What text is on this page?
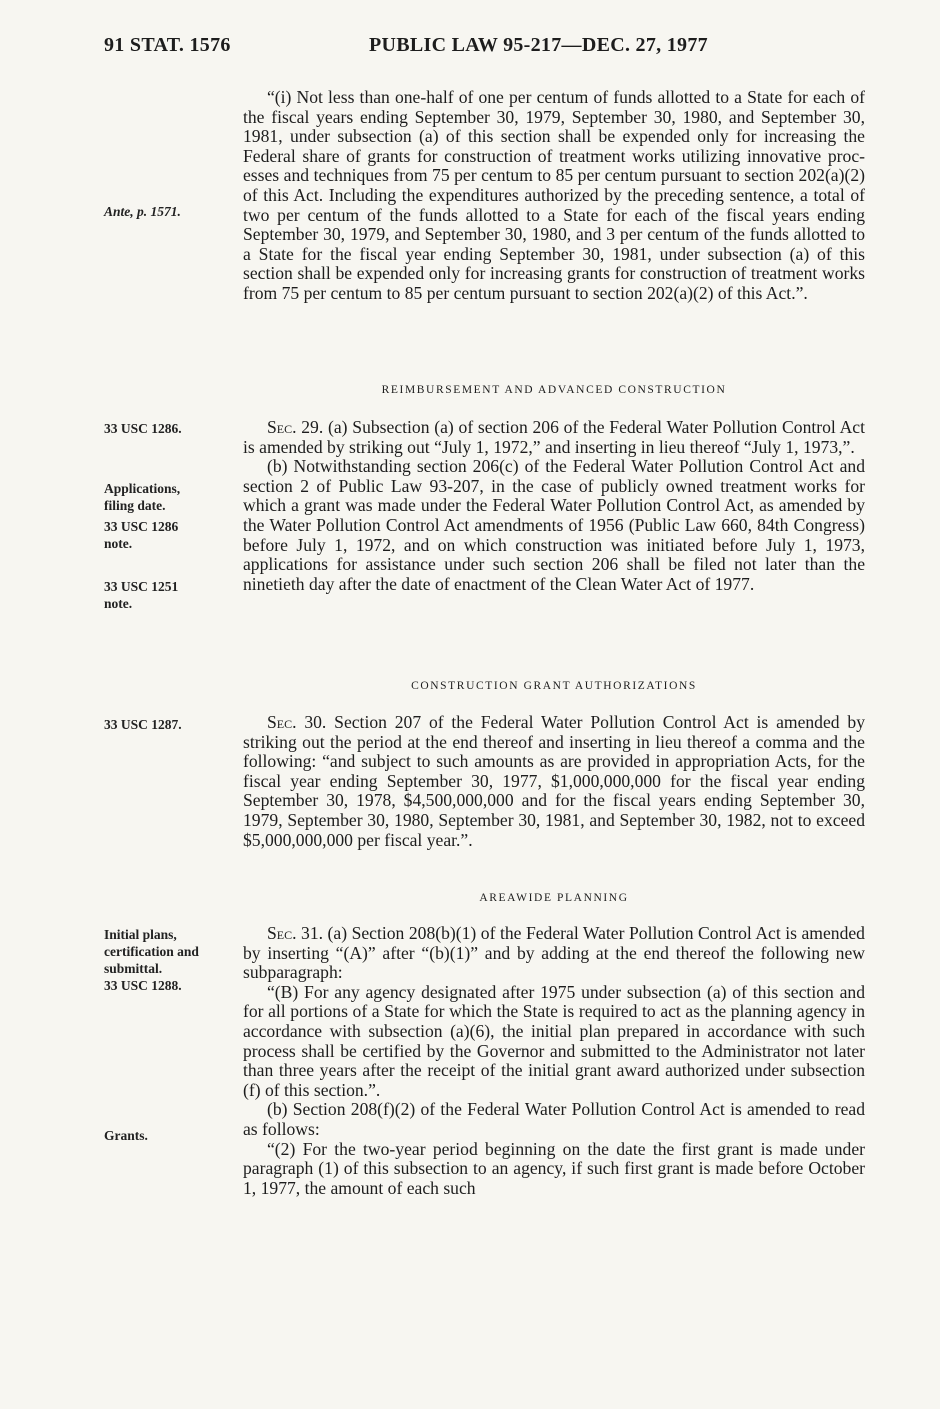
91 STAT. 1576	PUBLIC LAW 95-217—DEC. 27, 1977
Ante, p. 1571.
33 USC 1286.
Applications,
filing date.
33 USC 1286
note.
33 USC 1251
note.
33 USC 1287.
Initial plans,
certification and
submittal.
33 USC 1288.
Grants.

“(i) Not less than one-half of one per centum of funds allotted to a State for each of the fiscal years ending September 30, 1979, September 30, 1980, and September 30, 1981, under subsection (a) of this section shall be expended only for increasing the Federal share of grants for construction of treatment works utilizing innovative processes and techniques from 75 per centum to 85 per centum pursuant to section 202(a)(2) of this Act. Including the expenditures authorized by the preceding sentence, a total of two per centum of the funds allotted to a State for each of the fiscal years ending September 30, 1979, and September 30, 1980, and 3 per centum of the funds allotted to a State for the fiscal year ending September 30, 1981, under subsection (a) of this section shall be expended only for increasing grants for construction of treatment works from 75 per centum to 85 per centum pursuant to section 202(a)(2) of this Act.”.

REIMBURSEMENT AND ADVANCED CONSTRUCTION

Sec. 29. (a) Subsection (a) of section 206 of the Federal Water Pollution Control Act is amended by striking out “July 1, 1972,” and inserting in lieu thereof “July 1, 1973,”.

(b) Notwithstanding section 206(c) of the Federal Water Pollution Control Act and section 2 of Public Law 93-207, in the case of publicly owned treatment works for which a grant was made under the Federal Water Pollution Control Act, as amended by the Water Pollution Control Act amendments of 1956 (Public Law 660, 84th Congress) before July 1, 1972, and on which construction was initiated before July 1, 1973, applications for assistance under such section 206 shall be filed not later than the ninetieth day after the date of enactment of the Clean Water Act of 1977.

CONSTRUCTION GRANT AUTHORIZATIONS

Sec. 30. Section 207 of the Federal Water Pollution Control Act is amended by striking out the period at the end thereof and inserting in lieu thereof a comma and the following: “and subject to such amounts as are provided in appropriation Acts, for the fiscal year ending September 30, 1977, $1,000,000,000 for the fiscal year ending September 30, 1978, $4,500,000,000 and for the fiscal years ending September 30, 1979, September 30, 1980, September 30, 1981, and September 30, 1982, not to exceed $5,000,000,000 per fiscal year.”.

AREAWIDE PLANNING

Sec. 31. (a) Section 208(b)(1) of the Federal Water Pollution Control Act is amended by inserting “(A)” after “(b)(1)” and by adding at the end thereof the following new subparagraph:

“(B) For any agency designated after 1975 under subsection (a) of this section and for all portions of a State for which the State is required to act as the planning agency in accordance with subsection (a)(6), the initial plan prepared in accordance with such process shall be certified by the Governor and submitted to the Administrator not later than three years after the receipt of the initial grant award authorized under subsection (f) of this section.”.

(b) Section 208(f)(2) of the Federal Water Pollution Control Act is amended to read as follows:

“(2) For the two-year period beginning on the date the first grant is made under paragraph (1) of this subsection to an agency, if such first grant is made before October 1, 1977, the amount of each such
